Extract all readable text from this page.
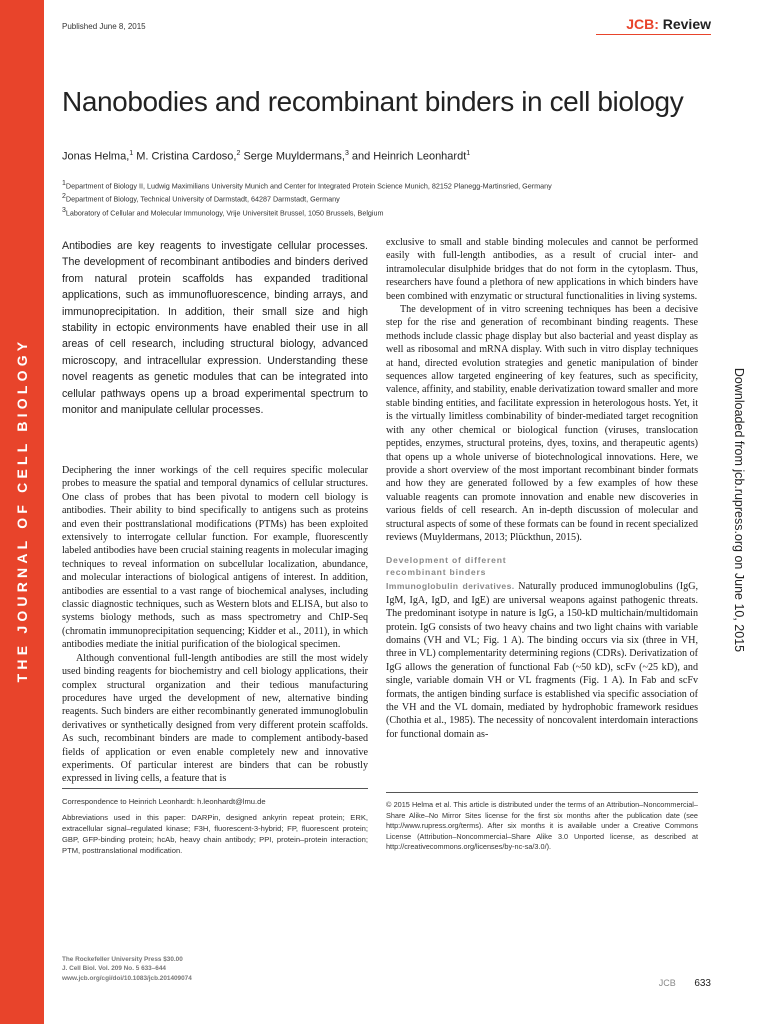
THE JOURNAL OF CELL BIOLOGY
Published June 8, 2015	JCB: Review
Nanobodies and recombinant binders in cell biology
Jonas Helma,$^1$ M. Cristina Cardoso,$^2$ Serge Muyldermans,$^3$ and Heinrich Leonhardt$^1$
$^1$Department of Biology II, Ludwig Maximilians University Munich and Center for Integrated Protein Science Munich, 82152 Planegg-Martinsried, Germany
$^2$Department of Biology, Technical University of Darmstadt, 64287 Darmstadt, Germany
$^3$Laboratory of Cellular and Molecular Immunology, Vrije Universiteit Brussel, 1050 Brussels, Belgium

Antibodies are key reagents to investigate cellular processes. The development of recombinant antibodies and binders derived from natural protein scaffolds has expanded traditional applications, such as immunofluorescence, binding arrays, and immunoprecipitation. In addition, their small size and high stability in ectopic environments have enabled their use in all areas of cell research, including structural biology, advanced microscopy, and intracellular expression. Understanding these novel reagents as genetic modules that can be integrated into cellular pathways opens up a broad experimental spectrum to monitor and manipulate cellular processes.

Deciphering the inner workings of the cell requires specific molecular probes to measure the spatial and temporal dynamics of cellular structures. One class of probes that has been pivotal to modern cell biology is antibodies. Their ability to bind specifically to antigens such as proteins and even their posttranslational modifications (PTMs) has been exploited extensively to interrogate cellular function. For example, fluorescently labeled antibodies have been crucial staining reagents in molecular imaging techniques to reveal information on subcellular localization, abundance, and molecular interactions of biological antigens of interest. In addition, antibodies are essential to a vast range of biochemical analyses, including classic diagnostic techniques, such as Western blots and ELISA, but also to systems biology methods, such as mass spectrometry and ChIP-Seq (chromatin immunoprecipitation sequencing; Kidder et al., 2011), in which antibodies mediate the initial purification of the biological specimen.

Although conventional full-length antibodies are still the most widely used binding reagents for biochemistry and cell biology applications, their complex structural organization and their tedious manufacturing procedures have urged the development of new, alternative binding reagents. Such binders are either recombinantly generated immunoglobulin derivatives or synthetically designed from very different protein scaffolds. As such, recombinant binders are made to complement antibody-based fields of application or even enable completely new and innovative experiments. Of particular interest are binders that can be robustly expressed in living cells, a feature that is

exclusive to small and stable binding molecules and cannot be performed easily with full-length antibodies, as a result of crucial inter- and intramolecular disulphide bridges that do not form in the cytoplasm. Thus, researchers have found a plethora of new applications in which binders have been combined with enzymatic or structural functionalities in living systems.

The development of in vitro screening techniques has been a decisive step for the rise and generation of recombinant binding reagents. These methods include classic phage display but also bacterial and yeast display as well as ribosomal and mRNA display. With such in vitro display techniques at hand, directed evolution strategies and genetic manipulation of binder sequences allow targeted engineering of key features, such as specificity, valence, affinity, and stability, enable derivatization toward smaller and more stable binding entities, and facilitate expression in heterologous hosts. Yet, it is the virtually limitless combinability of binder-mediated target recognition with any other chemical or biological function (viruses, translocation peptides, enzymes, structural proteins, dyes, toxins, and therapeutic agents) that opens up a whole universe of biotechnological innovations. Here, we provide a short overview of the most important recombinant binder formats and how they are generated followed by a few examples of how these valuable reagents can promote innovation and enable new discoveries in various fields of cell research. An in-depth discussion of molecular and structural aspects of some of these formats can be found in recent specialized reviews (Muyldermans, 2013; Plückthun, 2015).

Development of different
recombinant binders

Immunoglobulin derivatives. Naturally produced immunoglobulins (IgG, IgM, IgA, IgD, and IgE) are universal weapons against pathogenic threats. The predominant isotype in nature is IgG, a 150-kD multichain/multidomain protein. IgG consists of two heavy chains and two light chains with variable domains (VH and VL; Fig. 1 A). The binding occurs via six (three in VH, three in VL) complementarity determining regions (CDRs). Derivatization of IgG allows the generation of functional Fab (~50 kD), scFv (~25 kD), and single, variable domain VH or VL fragments (Fig. 1 A). In Fab and scFv formats, the antigen binding surface is established via specific association of the VH and the VL domain, mediated by hydrophobic framework residues (Chothia et al., 1985). The necessity of noncovalent interdomain interactions for functional domain as-

Downloaded from jcb.rupress.org on June 10, 2015

Correspondence to Heinrich Leonhardt: h.leonhardt@lmu.de

Abbreviations used in this paper: DARPin, designed ankyrin repeat protein; ERK, extracellular signal–regulated kinase; F3H, fluorescent-3-hybrid; FP, fluorescent protein; GBP, GFP-binding protein; hcAb, heavy chain antibody; PPI, protein–protein interaction; PTM, posttranslational modification.

© 2015 Helma et al. This article is distributed under the terms of an Attribution–Noncommercial–Share Alike–No Mirror Sites license for the first six months after the publication date (see http://www.rupress.org/terms). After six months it is available under a Creative Commons License (Attribution–Noncommercial–Share Alike 3.0 Unported license, as described at http://creativecommons.org/licenses/by-nc-sa/3.0/).

The Rockefeller University Press $30.00
J. Cell Biol. Vol. 209 No. 5 633–644
www.jcb.org/cgi/doi/10.1083/jcb.201409074	JCB 633
